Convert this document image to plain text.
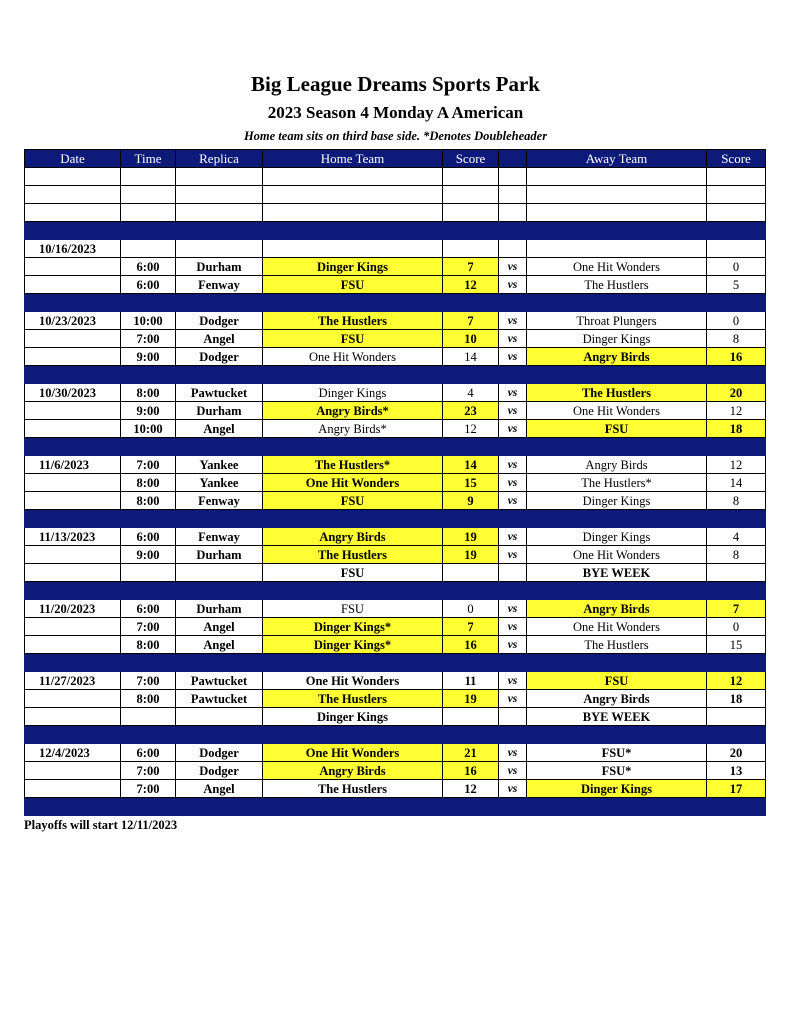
Big League Dreams Sports Park
2023 Season 4 Monday A American
Home team sits on third base side. *Denotes Doubleheader
Date	Time	Replica	Home Team	Score		Away Team	Score

10/16/2023							
	6:00	Durham	Dinger Kings	7	vs	One Hit Wonders	0
	6:00	Fenway	FSU	12	vs	The Hustlers	5

10/23/2023	10:00	Dodger	The Hustlers	7	vs	Throat Plungers	0
	7:00	Angel	FSU	10	vs	Dinger Kings	8
	9:00	Dodger	One Hit Wonders	14	vs	Angry Birds	16

10/30/2023	8:00	Pawtucket	Dinger Kings	4	vs	The Hustlers	20
	9:00	Durham	Angry Birds*	23	vs	One Hit Wonders	12
	10:00	Angel	Angry Birds*	12	vs	FSU	18

11/6/2023	7:00	Yankee	The Hustlers*	14	vs	Angry Birds	12
	8:00	Yankee	One Hit Wonders	15	vs	The Hustlers*	14
	8:00	Fenway	FSU	9	vs	Dinger Kings	8

11/13/2023	6:00	Fenway	Angry Birds	19	vs	Dinger Kings	4
	9:00	Durham	The Hustlers	19	vs	One Hit Wonders	8
			FSU			BYE WEEK	

11/20/2023	6:00	Durham	FSU	0	vs	Angry Birds	7
	7:00	Angel	Dinger Kings*	7	vs	One Hit Wonders	0
	8:00	Angel	Dinger Kings*	16	vs	The Hustlers	15

11/27/2023	7:00	Pawtucket	One Hit Wonders	11	vs	FSU	12
	8:00	Pawtucket	The Hustlers	19	vs	Angry Birds	18
			Dinger Kings			BYE WEEK	

12/4/2023	6:00	Dodger	One Hit Wonders	21	vs	FSU*	20
	7:00	Dodger	Angry Birds	16	vs	FSU*	13
	7:00	Angel	The Hustlers	12	vs	Dinger Kings	17

Playoffs will start 12/11/2023
